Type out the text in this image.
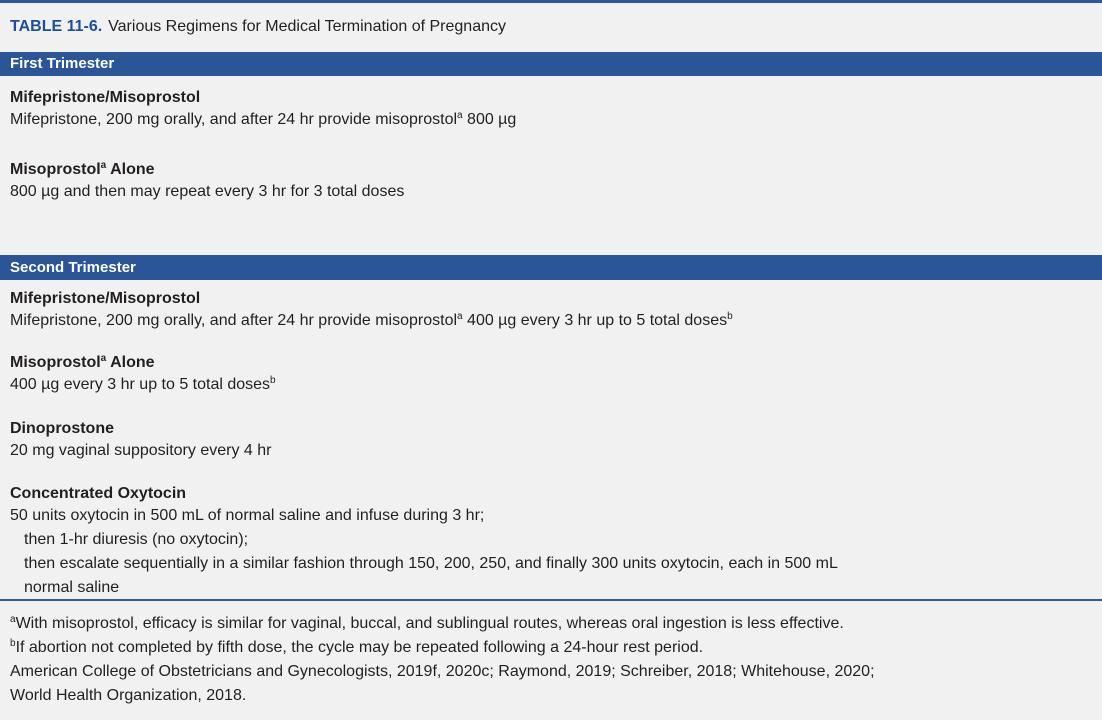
TABLE 11-6. Various Regimens for Medical Termination of Pregnancy
First Trimester
Mifepristone/Misoprostol
Mifepristone, 200 mg orally, and after 24 hr provide misoprostol$^a$ 800 µg
Misoprostol$^a$ Alone
800 µg and then may repeat every 3 hr for 3 total doses
Second Trimester
Mifepristone/Misoprostol
Mifepristone, 200 mg orally, and after 24 hr provide misoprostol$^a$ 400 µg every 3 hr up to 5 total doses$^b$
Misoprostol$^a$ Alone
400 µg every 3 hr up to 5 total doses$^b$
Dinoprostone
20 mg vaginal suppository every 4 hr
Concentrated Oxytocin
50 units oxytocin in 500 mL of normal saline and infuse during 3 hr;
then 1-hr diuresis (no oxytocin);
then escalate sequentially in a similar fashion through 150, 200, 250, and finally 300 units oxytocin, each in 500 mL
normal saline
$^a$With misoprostol, efficacy is similar for vaginal, buccal, and sublingual routes, whereas oral ingestion is less effective.
$^b$If abortion not completed by fifth dose, the cycle may be repeated following a 24-hour rest period.
American College of Obstetricians and Gynecologists, 2019f, 2020c; Raymond, 2019; Schreiber, 2018; Whitehouse, 2020;
World Health Organization, 2018.
